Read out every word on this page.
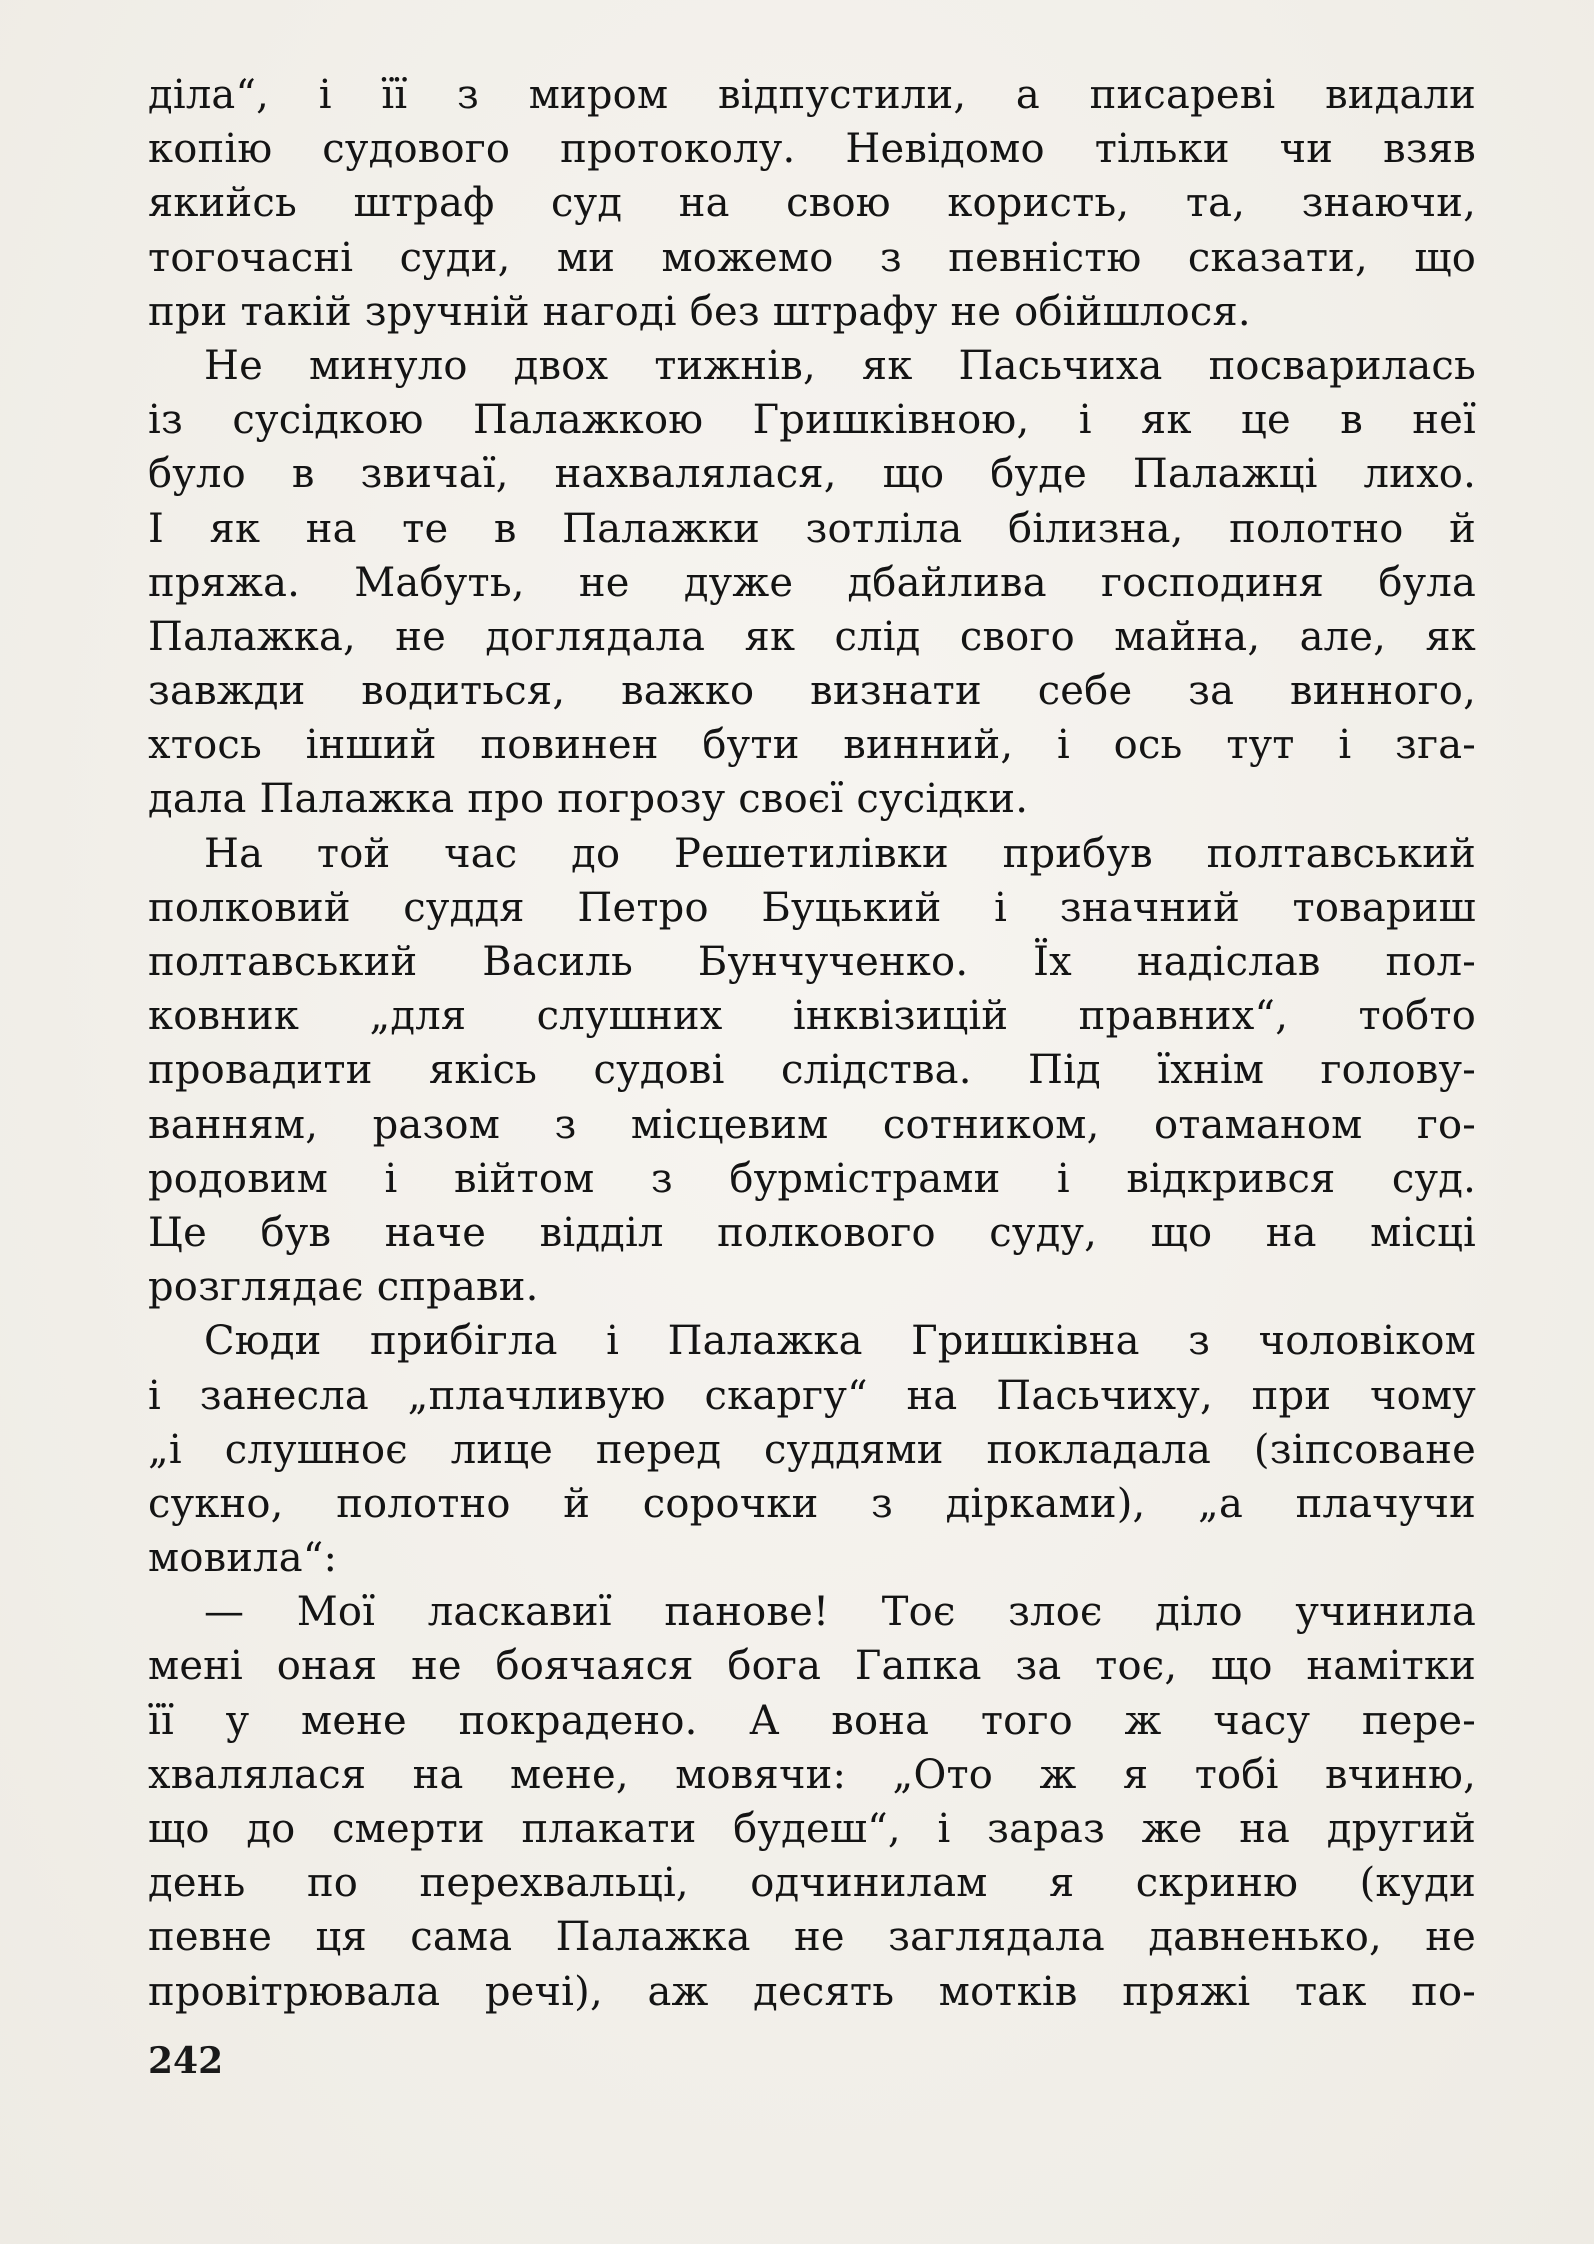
діла“, і її з миром відпустили, а писареві видали
копію судового протоколу. Невідомо тільки чи взяв
якийсь штраф суд на свою користь, та, знаючи,
тогочасні суди, ми можемо з певністю сказати, що
при такій зручній нагоді без штрафу не обійшлося.
Не минуло двох тижнів, як Пасьчиха посварилась
із сусідкою Палажкою Гришківною, і як це в неї
було в звичаї, нахвалялася, що буде Палажці лихо.
І як на те в Палажки зотліла білизна, полотно й
пряжа. Мабуть, не дуже дбайлива господиня була
Палажка, не доглядала як слід свого майна, але, як
завжди водиться, важко визнати себе за винного,
хтось інший повинен бути винний, і ось тут і зга-
дала Палажка про погрозу своєї сусідки.
На той час до Решетилівки прибув полтавський
полковий суддя Петро Буцький і значний товариш
полтавський Василь Бунчученко. Їх надіслав пол-
ковник „для слушних інквізицій правних“, тобто
провадити якісь судові слідства. Під їхнім голову-
ванням, разом з місцевим сотником, отаманом го-
родовим і війтом з бурмістрами і відкрився суд.
Це був наче відділ полкового суду, що на місці
розглядає справи.
Сюди прибігла і Палажка Гришківна з чоловіком
і занесла „плачливую скаргу“ на Пасьчиху, при чому
„і слушноє лице перед суддями покладала (зіпсоване
сукно, полотно й сорочки з дірками), „а плачучи
мовила“:
— Мої ласкавиї панове! Тоє злоє діло учинила
мені оная не боячаяся бога Гапка за тоє, що намітки
її у мене покрадено. А вона того ж часу пере-
хвалялася на мене, мовячи: „Ото ж я тобі вчиню,
що до смерти плакати будеш“, і зараз же на другий
день по перехвальці, одчинилам я скриню (куди
певне ця сама Палажка не заглядала давненько, не
провітрювала речі), аж десять мотків пряжі так по-
242
